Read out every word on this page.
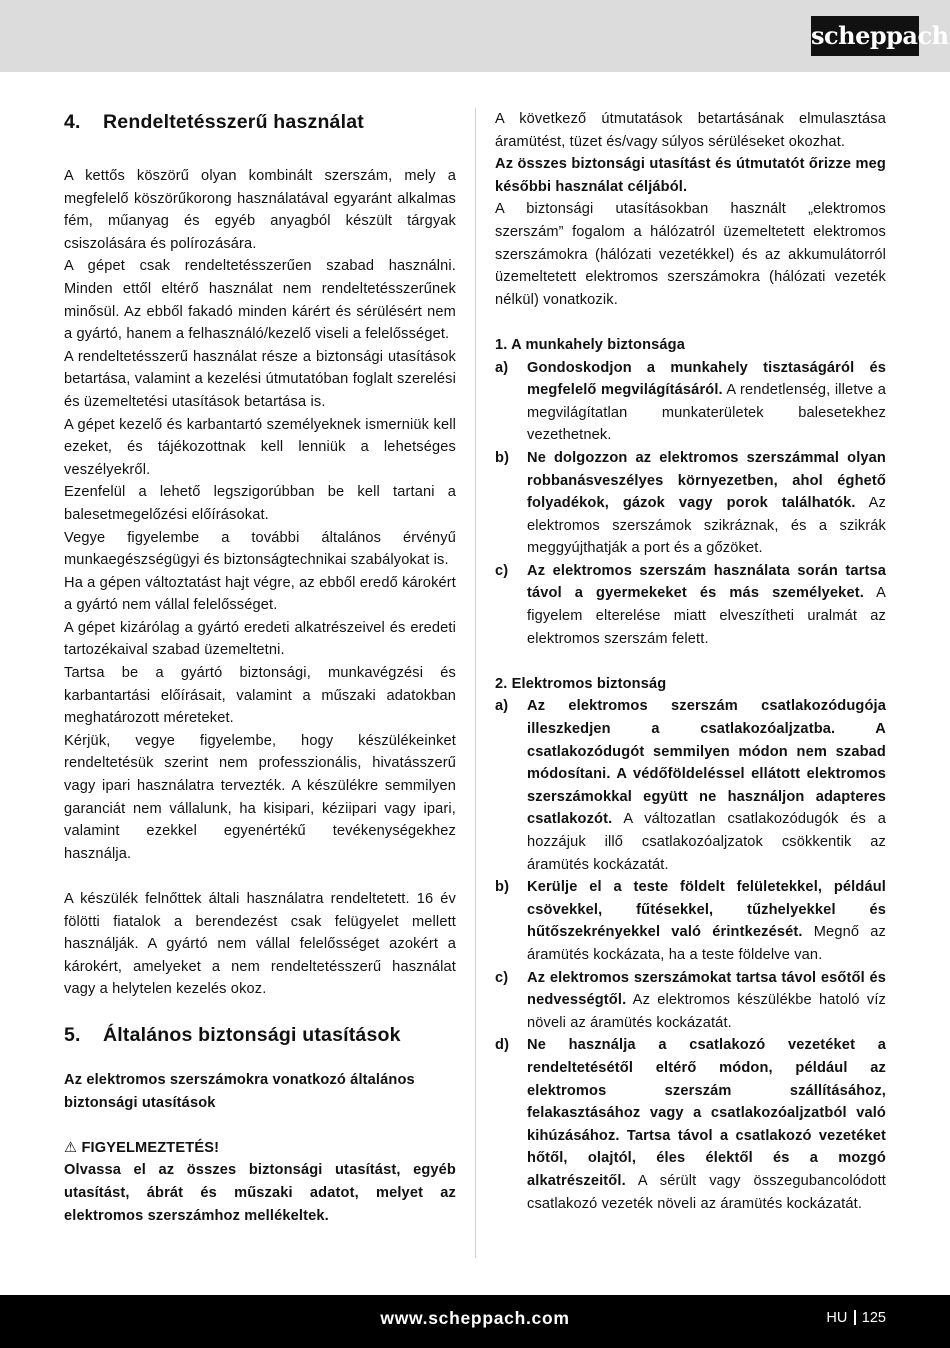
scheppach
4. Rendeltetésszerű használat

A kettős köszörű olyan kombinált szerszám, mely a megfelelő köszörűkorong használatával egyaránt alkalmas fém, műanyag és egyéb anyagból készült tárgyak csiszolására és polírozására.

A gépet csak rendeltetésszerűen szabad használni. Minden ettől eltérő használat nem rendeltetésszerűnek minősül. Az ebből fakadó minden kárért és sérülésért nem a gyártó, hanem a felhasználó/kezelő viseli a felelősséget.

A rendeltetésszerű használat része a biztonsági utasítások betartása, valamint a kezelési útmutatóban foglalt szerelési és üzemeltetési utasítások betartása is.

A gépet kezelő és karbantartó személyeknek ismerniük kell ezeket, és tájékozottnak kell lenniük a lehetséges veszélyekről.

Ezenfelül a lehető legszigorúbban be kell tartani a balesetmegelőzési előírásokat.

Vegye figyelembe a további általános érvényű munkaegészségügyi és biztonságtechnikai szabályokat is.

Ha a gépen változtatást hajt végre, az ebből eredő károkért a gyártó nem vállal felelősséget.

A gépet kizárólag a gyártó eredeti alkatrészeivel és eredeti tartozékaival szabad üzemeltetni.

Tartsa be a gyártó biztonsági, munkavégzési és karbantartási előírásait, valamint a műszaki adatokban meghatározott méreteket.

Kérjük, vegye figyelembe, hogy készülékeinket rendeltetésük szerint nem professzionális, hivatásszerű vagy ipari használatra tervezték. A készülékre semmilyen garanciát nem vállalunk, ha kisipari, kéziipari vagy ipari, valamint ezekkel egyenértékű tevékenységekhez használja.

A készülék felnőttek általi használatra rendeltetett. 16 év fölötti fiatalok a berendezést csak felügyelet mellett használják. A gyártó nem vállal felelősséget azokért a károkért, amelyeket a nem rendeltetésszerű használat vagy a helytelen kezelés okoz.

5. Általános biztonsági utasítások

Az elektromos szerszámokra vonatkozó általános biztonsági utasítások

⚠ FIGYELMEZTETÉS!

Olvassa el az összes biztonsági utasítást, egyéb utasítást, ábrát és műszaki adatot, melyet az elektromos szerszámhoz mellékeltek.

A következő útmutatások betartásának elmulasztása áramütést, tüzet és/vagy súlyos sérüléseket okozhat.

Az összes biztonsági utasítást és útmutatót őrizze meg későbbi használat céljából.

A biztonsági utasításokban használt „elektromos szerszám” fogalom a hálózatról üzemeltetett elektromos szerszámokra (hálózati vezetékkel) és az akkumulátorról üzemeltetett elektromos szerszámokra (hálózati vezeték nélkül) vonatkozik.

1. A munkahely biztonsága

a)	Gondoskodjon a munkahely tisztaságáról és megfelelő megvilágításáról. A rendetlenség, illetve a megvilágítatlan munkaterületek balesetekhez vezethetnek.
b)	Ne dolgozzon az elektromos szerszámmal olyan robbanásveszélyes környezetben, ahol éghető folyadékok, gázok vagy porok találhatók. Az elektromos szerszámok szikráznak, és a szikrák meggyújthatják a port és a gőzöket.
c)	Az elektromos szerszám használata során tartsa távol a gyermekeket és más személyeket. A figyelem elterelése miatt elveszítheti uralmát az elektromos szerszám felett.

2. Elektromos biztonság

a)	Az elektromos szerszám csatlakozódugója illeszkedjen a csatlakozóaljzatba. A csatlakozódugót semmilyen módon nem szabad módosítani. A védőföldeléssel ellátott elektromos szerszámokkal együtt ne használjon adapteres csatlakozót. A változatlan csatlakozódugók és a hozzájuk illő csatlakozóaljzatok csökkentik az áramütés kockázatát.
b)	Kerülje el a teste földelt felületekkel, például csövekkel, fűtésekkel, tűzhelyekkel és hűtőszekrényekkel való érintkezését. Megnő az áramütés kockázata, ha a teste földelve van.
c)	Az elektromos szerszámokat tartsa távol esőtől és nedvességtől. Az elektromos készülékbe hatoló víz növeli az áramütés kockázatát.
d)	Ne használja a csatlakozó vezetéket a rendeltetésétől eltérő módon, például az elektromos szerszám szállításához, felakasztásához vagy a csatlakozóaljzatból való kihúzásához. Tartsa távol a csatlakozó vezetéket hőtől, olajtól, éles élektől és a mozgó alkatrészeitől. A sérült vagy összegubancolódott csatlakozó vezeték növeli az áramütés kockázatát.
www.scheppach.com	HU 125
